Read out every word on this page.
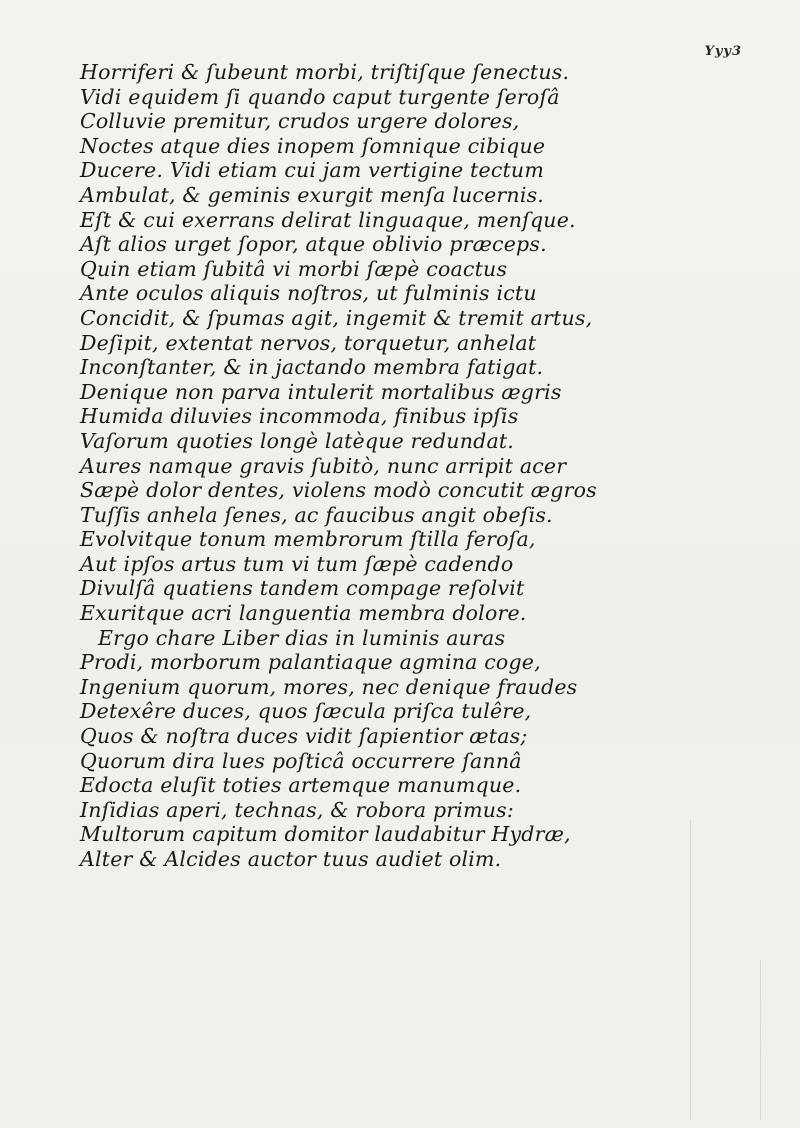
Yyy3
Horriferi & ſubeunt morbi, triſtiſque ſenectus.
Vidi equidem ſi quando caput turgente ſeroſâ
Colluvie premitur, crudos urgere dolores,
Noctes atque dies inopem ſomnique cibique
Ducere. Vidi etiam cui jam vertigine tectum
Ambulat, & geminis exurgit menſa lucernis.
Eſt & cui exerrans delirat linguaque, menſque.
Aſt alios urget ſopor, atque oblivio præceps.
Quin etiam ſubitâ vi morbi ſæpè coactus
Ante oculos aliquis noſtros, ut fulminis ictu
Concidit, & ſpumas agit, ingemit & tremit artus,
Deſipit, extentat nervos, torquetur, anhelat
Inconſtanter, & in jactando membra fatigat.
Denique non parva intulerit mortalibus ægris
Humida diluvies incommoda, finibus ipſis
Vaſorum quoties longè latèque redundat.
Aures namque gravis ſubitò, nunc arripit acer
Sæpè dolor dentes, violens modò concutit ægros
Tuſſis anhela ſenes, ac faucibus angit obeſis.
Evolvitque tonum membrorum ſtilla feroſa,
Aut ipſos artus tum vi tum ſæpè cadendo
Divulſâ quatiens tandem compage reſolvit
Exuritque acri languentia membra dolore.
Ergo chare Liber dias in luminis auras
Prodi, morborum palantiaque agmina coge,
Ingenium quorum, mores, nec denique fraudes
Detexêre duces, quos ſæcula priſca tulêre,
Quos & noſtra duces vidit ſapientior ætas;
Quorum dira lues poſticâ occurrere ſannâ
Edocta eluſit toties artemque manumque.
Inſidias aperi, technas, & robora primus:
Multorum capitum domitor laudabitur Hydræ,
Alter & Alcides auctor tuus audiet olim.
